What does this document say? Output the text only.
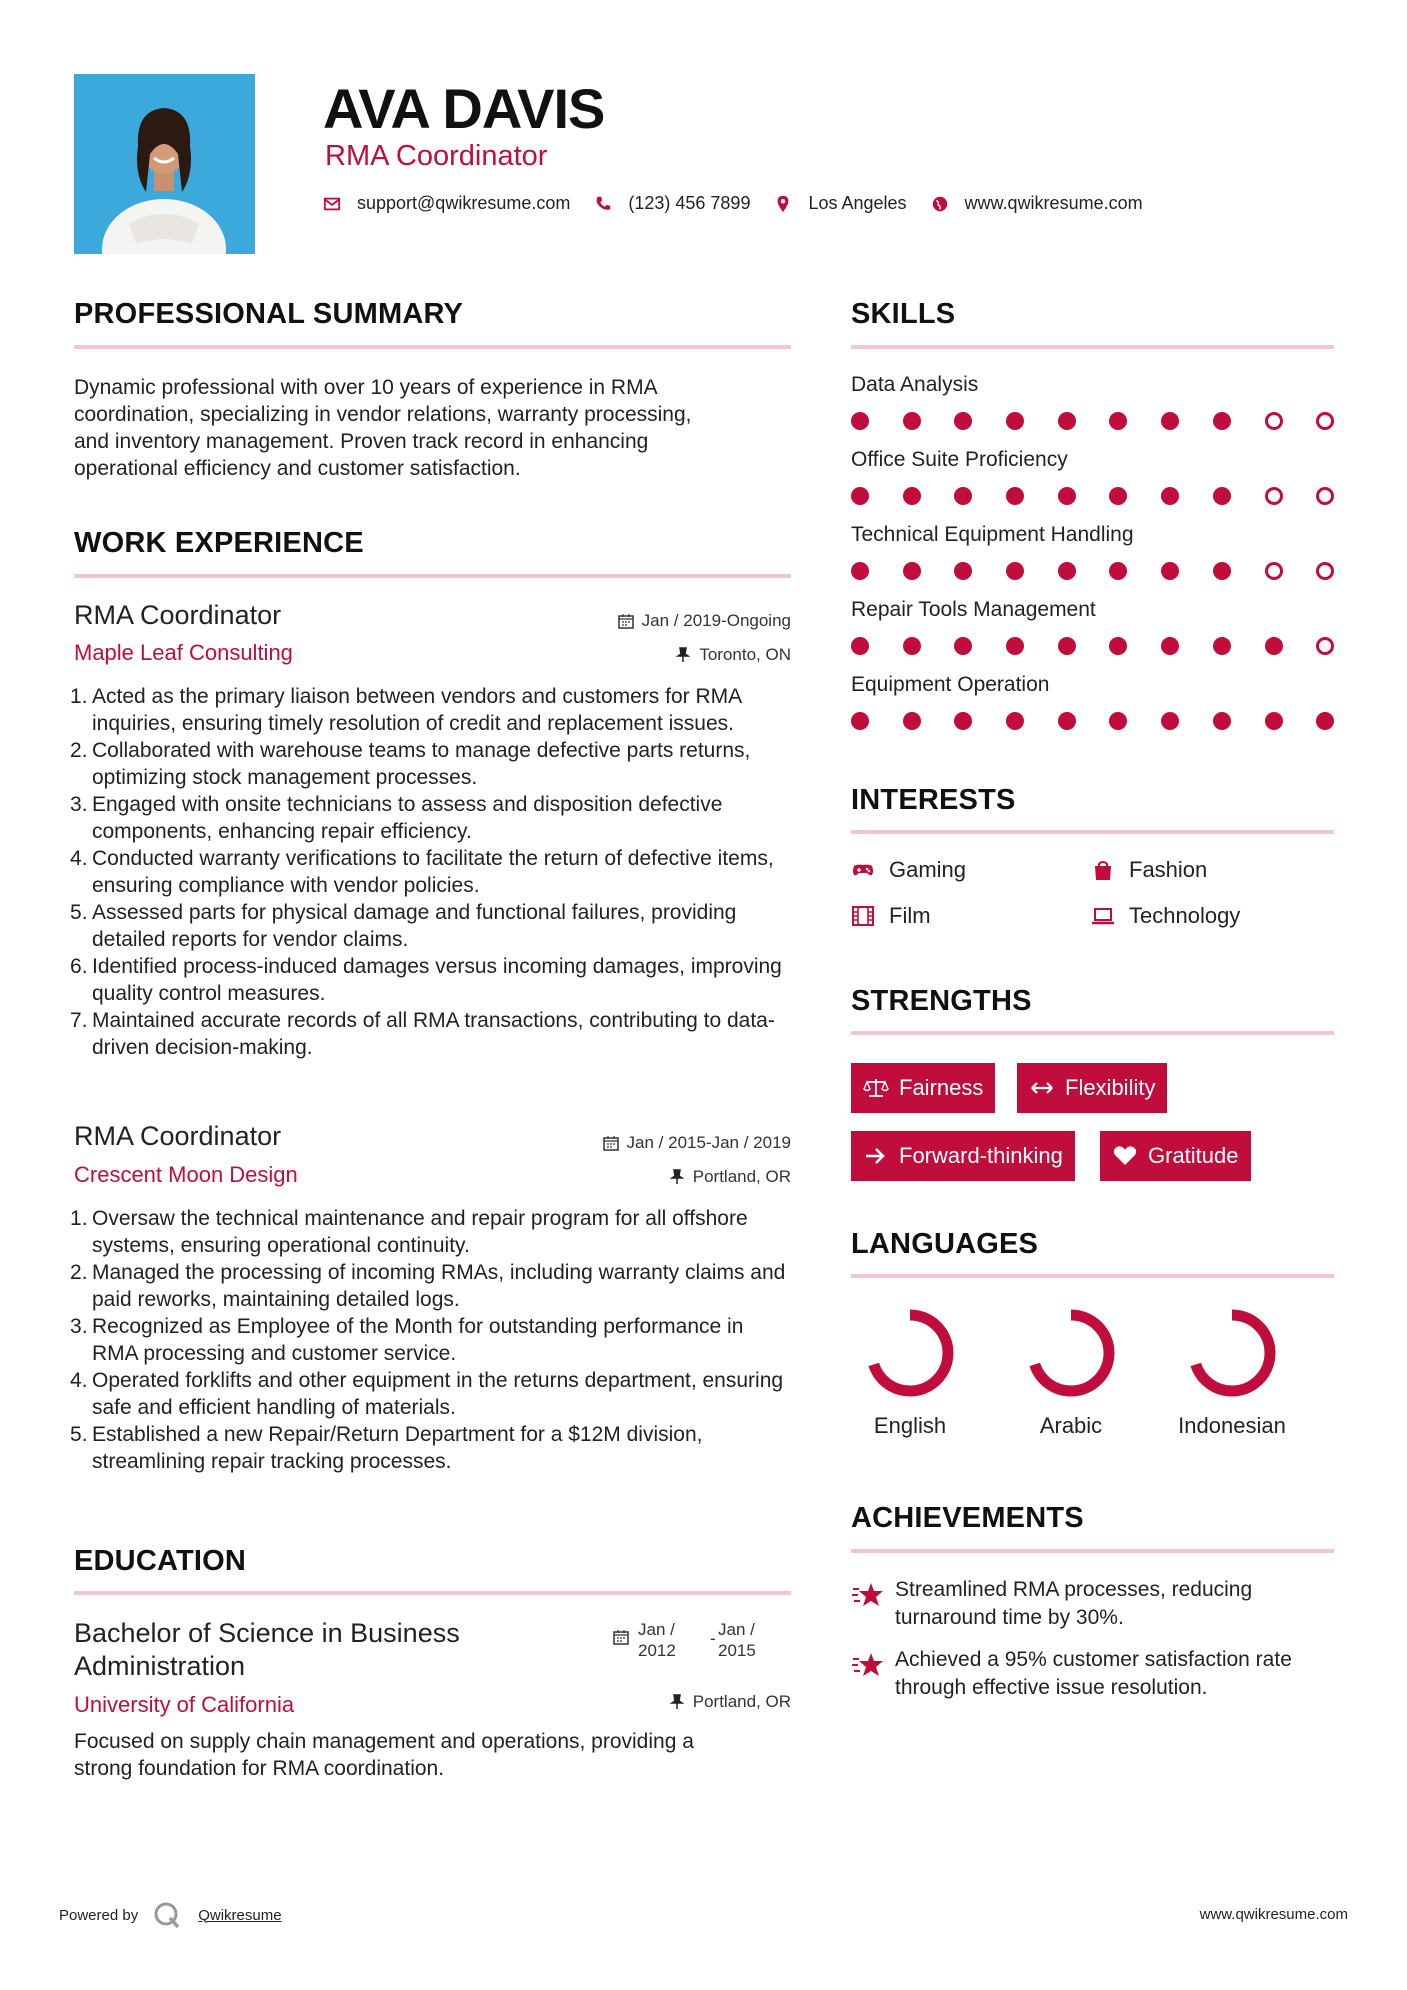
AVA DAVIS
RMA Coordinator
support@qwikresume.com	(123) 456 7899	Los Angeles	www.qwikresume.com
PROFESSIONAL SUMMARY
Dynamic professional with over 10 years of experience in RMA
coordination, specializing in vendor relations, warranty processing,
and inventory management. Proven track record in enhancing
operational efficiency and customer satisfaction.
WORK EXPERIENCE
RMA Coordinator
Maple Leaf Consulting
Jan / 2019-Ongoing
Toronto, ON
Acted as the primary liaison between vendors and customers for RMA inquiries, ensuring timely resolution of credit and replacement issues.
Collaborated with warehouse teams to manage defective parts returns, optimizing stock management processes.
Engaged with onsite technicians to assess and disposition defective components, enhancing repair efficiency.
Conducted warranty verifications to facilitate the return of defective items, ensuring compliance with vendor policies.
Assessed parts for physical damage and functional failures, providing detailed reports for vendor claims.
Identified process-induced damages versus incoming damages, improving quality control measures.
Maintained accurate records of all RMA transactions, contributing to data-driven decision-making.
RMA Coordinator
Crescent Moon Design
Jan / 2015-Jan / 2019
Portland, OR
Oversaw the technical maintenance and repair program for all offshore systems, ensuring operational continuity.
Managed the processing of incoming RMAs, including warranty claims and paid reworks, maintaining detailed logs.
Recognized as Employee of the Month for outstanding performance in RMA processing and customer service.
Operated forklifts and other equipment in the returns department, ensuring safe and efficient handling of materials.
Established a new Repair/Return Department for a $12M division, streamlining repair tracking processes.
EDUCATION
Bachelor of Science in Business
Administration
University of California
Jan /
2012
- Jan /
2015
Portland, OR
Focused on supply chain management and operations, providing a
strong foundation for RMA coordination.
SKILLS
Data Analysis
Office Suite Proficiency
Technical Equipment Handling
Repair Tools Management
Equipment Operation
INTERESTS
Gaming	Fashion
Film	Technology
STRENGTHS
Fairness	Flexibility
Forward-thinking	Gratitude
LANGUAGES
English	Arabic	Indonesian
ACHIEVEMENTS
Streamlined RMA processes, reducing
turnaround time by 30%.
Achieved a 95% customer satisfaction rate
through effective issue resolution.
Powered by	Qwikresume	www.qwikresume.com
